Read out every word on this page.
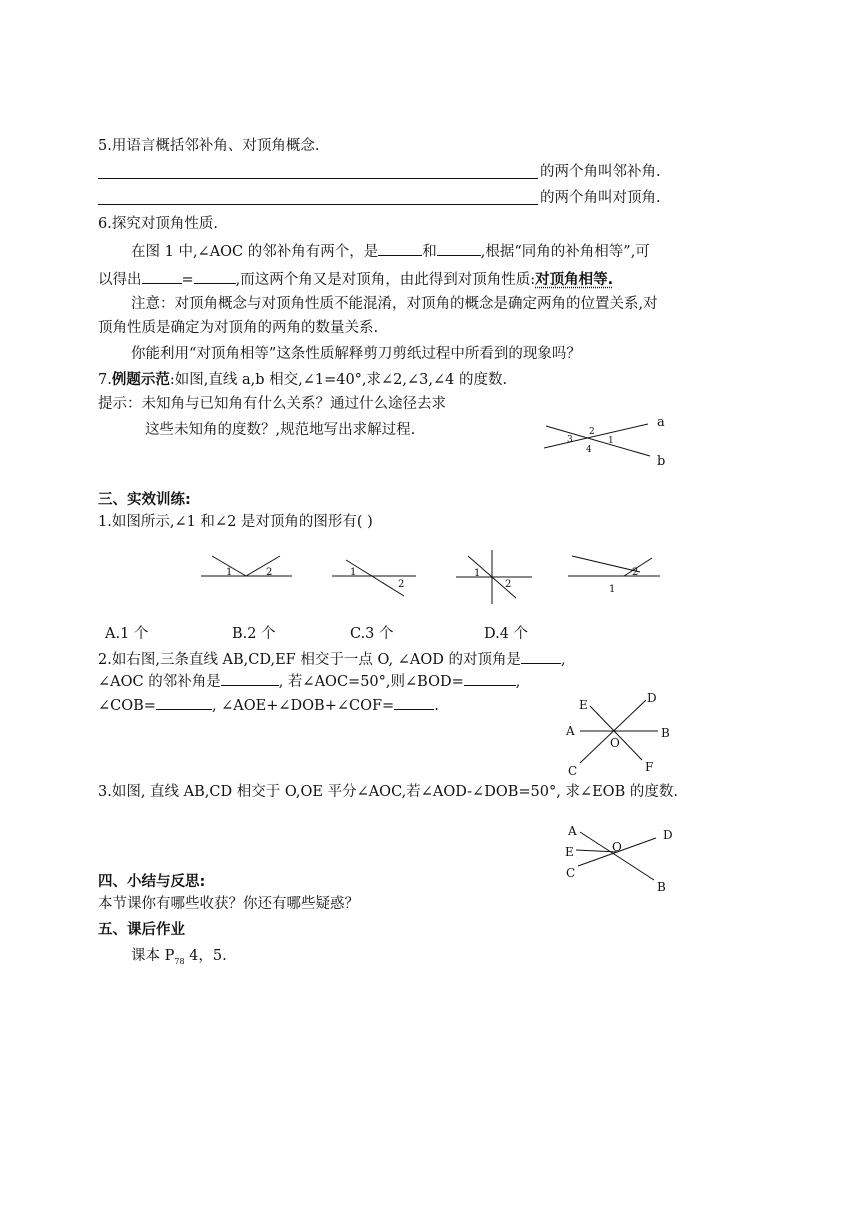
5.用语言概括邻补角、对顶角概念.
的两个角叫邻补角.
的两个角叫对顶角.
6.探究对顶角性质.
在图 1 中,∠AOC 的邻补角有两个，是	和	,根据“同角的补角相等”,可
以得出	=	,而这两个角又是对顶角，由此得到对顶角性质:对顶角相等.
注意：对顶角概念与对顶角性质不能混淆，对顶角的概念是确定两角的位置关系,对
顶角性质是确定为对顶角的两角的数量关系.
你能利用“对顶角相等”这条性质解释剪刀剪纸过程中所看到的现象吗？
7.例题示范:如图,直线 a,b 相交,∠1=40°,求∠2,∠3,∠4 的度数.
提示：未知角与已知角有什么关系？通过什么途径去求
这些未知角的度数？,规范地写出求解过程.	a
b
2
1
3
4
1	2	1
2
1
2
2
1
A	B
C
D
E
F
O
A
B
C
D
E	O
三、实效训练:
1.如图所示,∠1 和∠2 是对顶角的图形有( )
A.1 个	B.2 个	C.3 个	D.4 个
2.如右图,三条直线 AB,CD,EF 相交于一点 O, ∠AOD 的对顶角是	,
∠AOC 的邻补角是	, 若∠AOC=50°,则∠BOD=	,
∠COB=	, ∠AOE+∠DOB+∠COF=	.
3.如图, 直线 AB,CD 相交于 O,OE 平分∠AOC,若∠AOD-∠DOB=50°, 求∠EOB 的度数.
四、小结与反思:
本节课你有哪些收获？你还有哪些疑惑？
五、课后作业
课本 $P_{78}$ 4，5.
